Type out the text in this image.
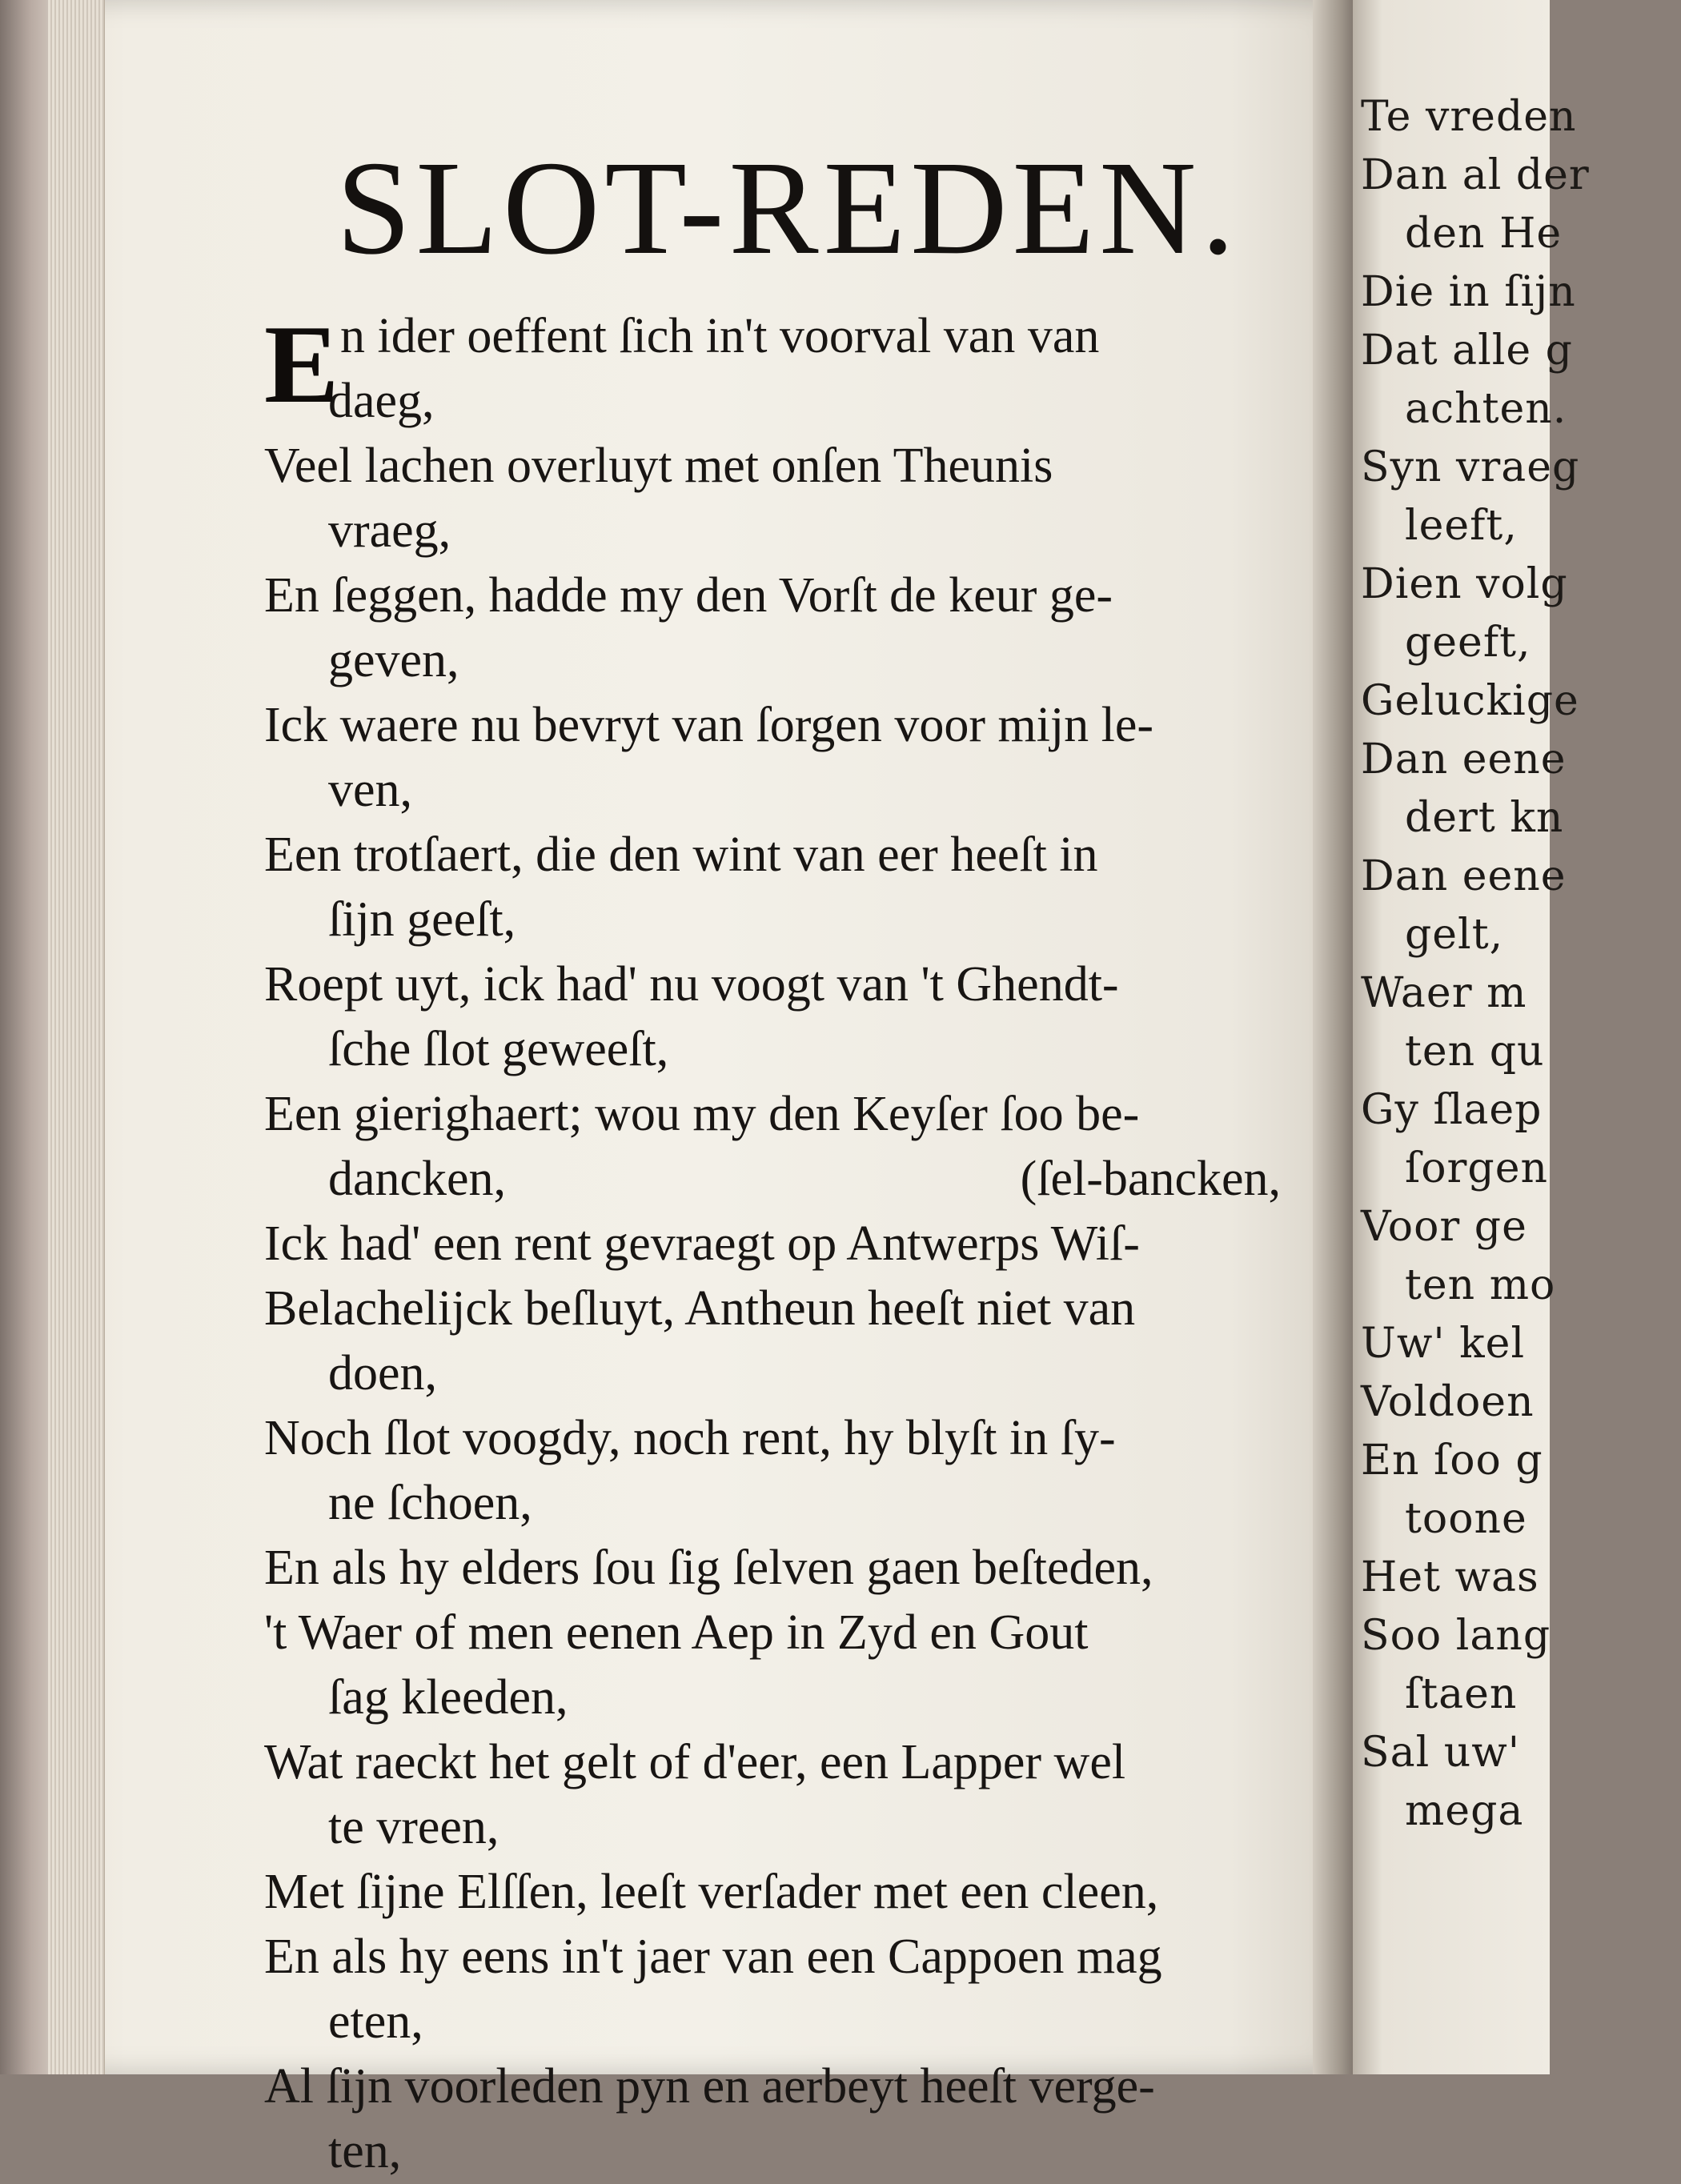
Te vreden
Dan al der
den He
Die in ſijn
Dat alle g
achten.
Syn vraeg
leeft,
Dien volg
geeft,
Geluckige
Dan eene
dert kn
Dan eene
gelt,
Waer m
ten qu
Gy ſlaep
ſorgen
Voor ge
ten mo
Uw' kel
Voldoen
En ſoo g
toone
Het was
Soo lang
ſtaen
Sal uw'
mega
SLOT-REDEN.
E n ider oeffent ſich in't voorval van van
daeg,
Veel lachen overluyt met onſen Theunis
vraeg,
En ſeggen, hadde my den Vorſt de keur ge-
geven,
Ick waere nu bevryt van ſorgen voor mijn le-
ven,
Een trotſaert, die den wint van eer heeſt in
ſijn geeſt,
Roept uyt, ick had' nu voogt van 't Ghendt-
ſche ſlot geweeſt,
Een gierighaert; wou my den Keyſer ſoo be-
dancken,	(ſel-bancken,
Ick had' een rent gevraegt op Antwerps Wiſ-
Belachelijck beſluyt, Antheun heeſt niet van
doen,
Noch ſlot voogdy, noch rent, hy blyſt in ſy-
ne ſchoen,
En als hy elders ſou ſig ſelven gaen beſteden,
't Waer of men eenen Aep in Zyd en Gout
ſag kleeden,
Wat raeckt het gelt of d'eer, een Lapper wel
te vreen,
Met ſijne Elſſen, leeſt verſader met een cleen,
En als hy eens in't jaer van een Cappoen mag
eten,
Al ſijn voorleden pyn en aerbeyt heeſt verge-
ten,
